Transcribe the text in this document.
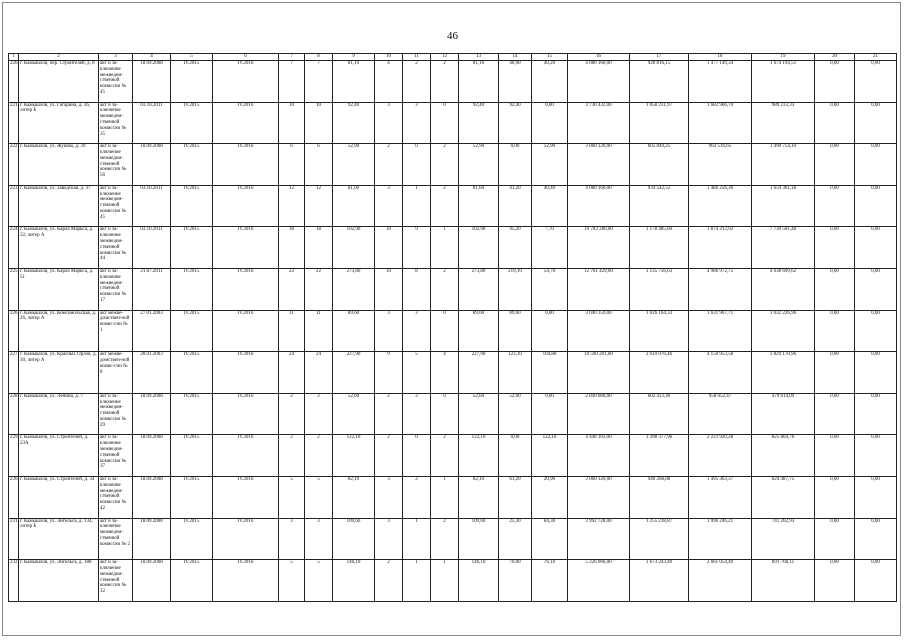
46
1	2	3	4	5	6	7	8	9	10	11	12	13	14	15	16	17	18	19	20	21
220	г. Камышлов, пер. Строителей, д. 8	акт и за-ключение межведом-ственной комиссии № 45	18.09.2008	IV.2015	IV.2016	7	7	81,10	4	2	2	81,10	40,90	40,20	4 080 160,00	928 816,15	1 477 149,34	1 674 194,51	0,00	0,00
221	г. Камышлов, ул. Гагарина, д. 36, литер Б	акт и за-ключение межведом-ственной комиссии № 35	03.10.2011	IV.2015	IV.2016	10	10	92,40	3	3	0	92,40	92,40	0,00	3 730 432,00	1 058 231,97	1 682 966,70	989 233,33	0,00	0,00
222	г. Камышлов, ул. Жукова, д. 39	акт и за-ключение межведом-ственной комиссии № 56	18.09.2008	IV.2015	IV.2016	6	6	52,90	2	0	2	52,90	0,00	52,90	3 060 120,00	605 849,25	963 516,65	1 490 754,10	0,00	0,00
223	г. Камышлов, ул. Заводская, д. 37	акт и за-ключение межведом-ственной комиссии № 45	03.10.2011	IV.2015	IV.2016	12	12	81,60	3	1	2	81,60	41,20	40,40	4 080 160,00	934 542,52	1 486 256,30	1 659 361,18	0,00	0,00
224	г. Камышлов, ул. Карла Маркса, д. 32, литер А	акт и за-ключение межведом-ственной комиссии № 44	03.10.2011	IV.2015	IV.2016	18	18	102,90	10	9	1	102,90	95,20	7,70	10 783 280,00	1 178 485,60	1 874 212,92	7 730 581,48	0,00	0,00
225	г. Камышлов, ул. Карла Маркса, д. 51	акт и за-ключение межведом-ственной комиссии № 17	21.07.2011	IV.2015	IV.2016	22	22	273,80	10	8	2	273,80	219,10	54,70	12 761 429,00	3 135 756,63	4 986 972,75	4 638 699,62	0,00	0,00
226	г. Камышлов, ул. Комсомольская, д. 26, литер А	акт межве-домствен-ной комис-сии № 1	27.01.2003	IV.2015	IV.2016	11	11	89,60	3	3	0	89,60	89,60	0,00	3 690 359,00	1 026 164,33	1 631 967,71	1 032 226,96	0,00	0,00
227	г. Камышлов, ул. Красных Орлов, д. 30, литер А	акт межве-домствен-ной комис-сии № 8	28.01.2003	IV.2015	IV.2016	24	24	227,90	9	5	4	227,90	123,10	104,80	10 590 201,00	2 610 076,46	4 150 953,58	3 829 170,96	0,00	0,00
228	г. Камышлов, ул. Ленина, д. 7	акт и за-ключение межведом-ственной комиссии № 29	18.09.2008	IV.2015	IV.2016	2	2	52,60	2	2	0	52,60	52,60	0,00	2 040 080,00	602 413,46	958 052,47	479 614,09	0,00	0,00
229	г. Камышлов, ул. Строителей, д. 23А	акт и за-ключение межведом-ственной комиссии № 37	18.09.2008	IV.2015	IV.2016	2	2	122,10	2	0	2	122,10	0,00	122,10	4 448 103,00	1 398 377,96	2 223 920,28	825 804,76	0,00	0,00
230	г. Камышлов, ул. Строителей, д. 34	акт и за-ключение межведом-ственной комиссии № 42	18.09.2008	IV.2015	IV.2016	5	5	82,10	3	2	1	82,10	61,20	20,90	3 060 120,00	940 268,88	1 495 363,37	624 487,75	0,00	0,00
231	г. Камышлов, ул. Энгельса, д. 134, литер Б	акт и за-ключение межведом-ственной комиссии № 2	18.09.2008	IV.2015	IV.2016	3	3	109,60	3	1	2	109,60	25,30	84,30	3 992 728,00	1 255 218,87	1 996 246,21	741 262,93	0,00	0,00
232	г. Камышлов, ул. Энгельса, д. 188	акт и за-ключение межведом-ственной комиссии № 32	18.09.2008	IV.2015	IV.2016	5	5	146,10	2	1	1	146,10	70,00	76,10	5 226 066,00	1 673 243,40	2 661 054,49	891 768,11	0,00	0,00
